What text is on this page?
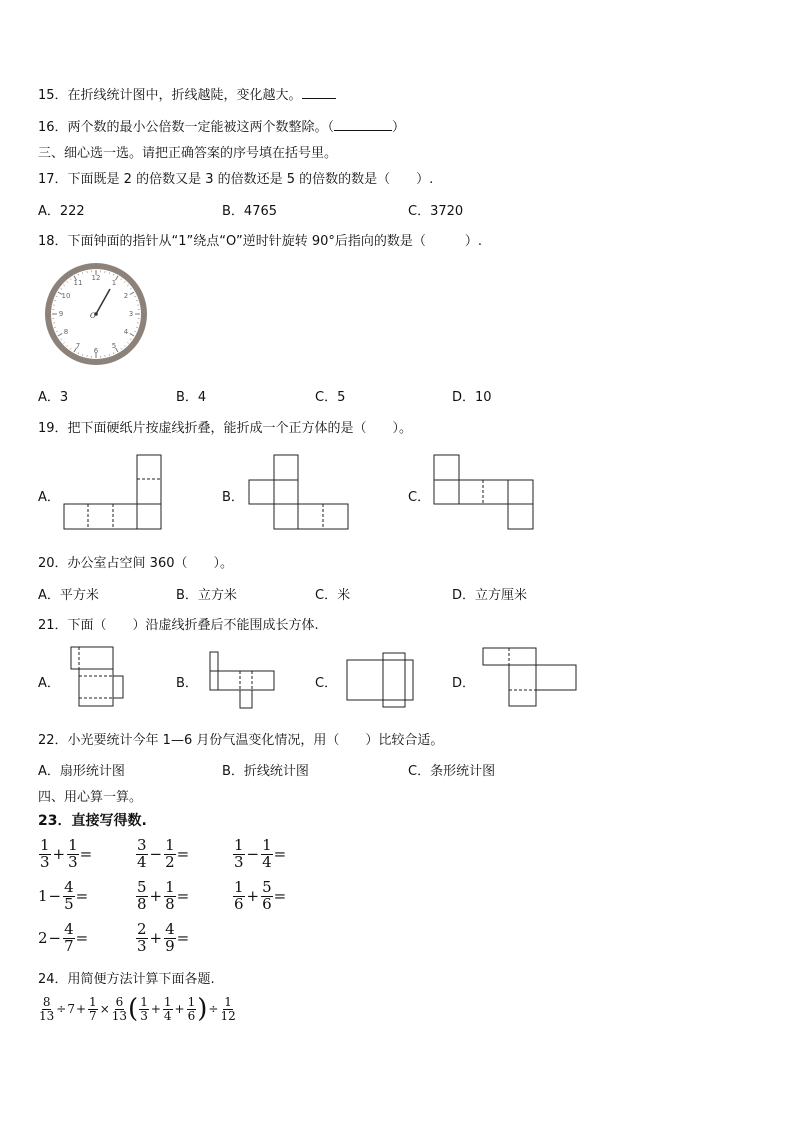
15．在折线统计图中，折线越陡，变化越大。
16．两个数的最小公倍数一定能被这两个数整除。（	）
三、细心选一选。请把正确答案的序号填在括号里。
17．下面既是 2 的倍数又是 3 的倍数还是 5 的倍数的数是（　　）.
A．222	B．4765	C．3720
18．下面钟面的指针从“1”绕点“O”逆时针旋转 90°后指向的数是（　　　）.
12
1
2
3
4
5
6
7
8
9
10
11
O
A．3	B．4	C．5	D．10
19．把下面硬纸片按虚线折叠，能折成一个正方体的是（　　）。
A．	B．	C．
20．办公室占空间 360（　　）。
A．平方米	B．立方米	C．米	D．立方厘米
21．下面（　　）沿虚线折叠后不能围成长方体.
A．	B．	C．	D．
22．小光要统计今年 1—6 月份气温变化情况，用（　　）比较合适。
A．扇形统计图	B．折线统计图	C．条形统计图
四、用心算一算。
23．直接写得数.
$\frac{1}{3} + \frac{1}{3}$ =	$\frac{3}{4} - \frac{1}{2}$ =	$\frac{1}{3} - \frac{1}{4}$ =
$1 - \frac{4}{5}$ =	$\frac{5}{8} + \frac{1}{8}$ =	$\frac{1}{6} + \frac{5}{6}$ =
$2 - \frac{4}{7}$ =	$\frac{2}{3} + \frac{4}{9}$ =
24．用简便方法计算下面各题.
$\frac{8}{13} \div 7 + \frac{1}{7} \times \frac{6}{13}$ ( $\frac{1}{3} + \frac{1}{4} + \frac{1}{6}$ ) ÷ $\frac{1}{12}$
